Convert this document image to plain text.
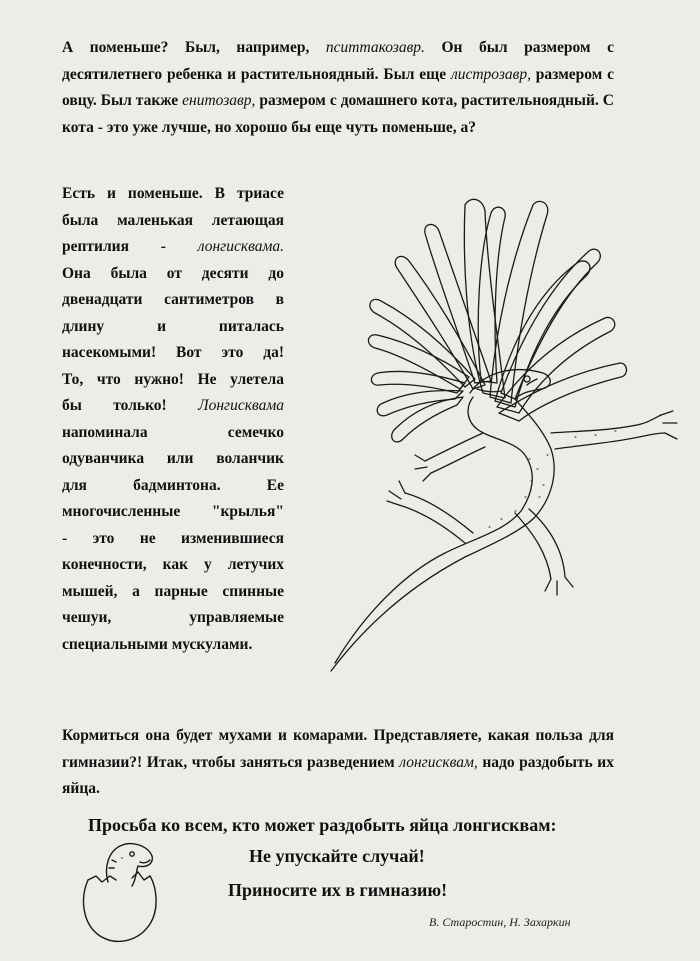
А поменьше? Был, например, пситтакозавр. Он был размером с десятилетнего ребенка и растительноядный. Был еще листрозавр, размером с овцу. Был также енитозавр, размером с домашнего кота, растительноядный. С кота - это уже лучше, но хорошо бы еще чуть поменьше, а?

Есть и поменьше. В триасе
была маленькая летающая
рептилия - лонгисквама.
Она была от десяти до
двенадцати сантиметров в
длину и питалась
насекомыми! Вот это да!
То, что нужно! Не улетела
бы только! Лонгисквама
напоминала семечко
одуванчика или воланчик
для бадминтона. Ее
многочисленные "крылья"
- это не изменившиеся
конечности, как у летучих
мышей, а парные спинные
чешуи, управляемые
специальными мускулами.

Кормиться она будет мухами и комарами. Представляете, какая польза для гимназии?! Итак, чтобы заняться разведением лонгисквам, надо раздобыть их яйца.

Просьба ко всем, кто может раздобыть яйца лонгисквам:
Не упускайте случай!
Приносите их в гимназию!
В. Старостин, Н. Захаркин
